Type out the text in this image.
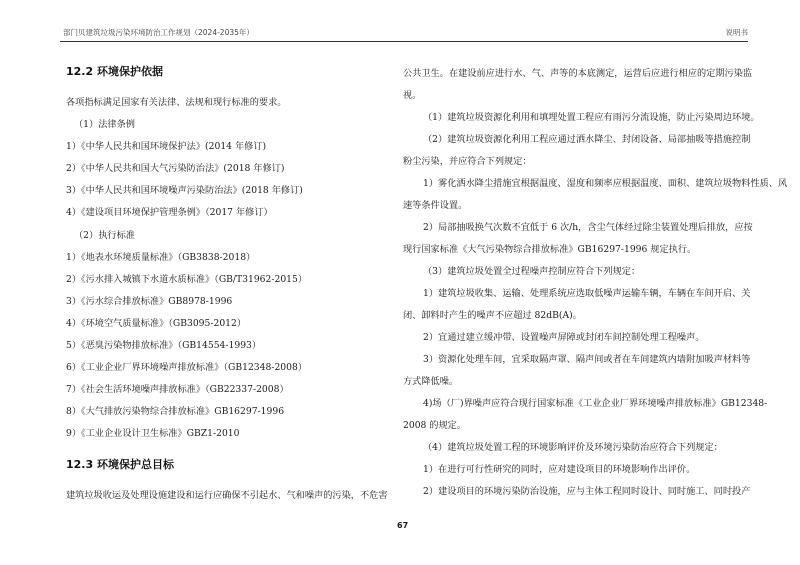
部门贝建筑垃圾污染环境防治工作规划（2024-2035年）	说明书
12.2 环境保护依据

各项指标满足国家有关法律、法规和现行标准的要求。

（1）法律条例

1）《中华人民共和国环境保护法》(2014 年修订)

2）《中华人民共和国大气污染防治法》(2018 年修订)

3）《中华人民共和国环境噪声污染防治法》(2018 年修订)

4）《建设项目环境保护管理条例》（2017 年修订）

（2）执行标准

1）《地表水环境质量标准》（GB3838-2018）

2）《污水排入城镇下水道水质标准》（GB/T31962-2015）

3）《污水综合排放标准》GB8978-1996

4）《环境空气质量标准》（GB3095-2012）

5）《恶臭污染物排放标准》（GB14554-1993）

6）《工业企业厂界环境噪声排放标准》（GB12348-2008）

7）《社会生活环境噪声排放标准》（GB22337-2008）

8）《大气排放污染物综合排放标准》GB16297-1996

9）《工业企业设计卫生标准》GBZ1-2010

12.3 环境保护总目标

建筑垃圾收运及处理设施建设和运行应确保不引起水、气和噪声的污染，不危害

公共卫生。在建设前应进行水、气、声等的本底测定，运营后应进行相应的定期污染监

视。

（1）建筑垃圾资源化利用和填埋处置工程应有雨污分流设施，防止污染周边环境。

（2）建筑垃圾资源化利用工程应通过洒水降尘、封闭设备、局部抽吸等措施控制

粉尘污染，并应符合下列规定：

1）雾化洒水降尘措施宜根据温度、湿度和频率应根据温度、面积、建筑垃圾物料性质、风

速等条件设置。

2）局部抽吸换气次数不宜低于 6 次/h，含尘气体经过除尘装置处理后排放，应按

现行国家标准《大气污染物综合排放标准》GB16297-1996 规定执行。

（3）建筑垃圾处置全过程噪声控制应符合下列规定：

1）建筑垃圾收集、运输、处理系统应选取低噪声运输车辆，车辆在车间开启、关

闭、卸料时产生的噪声不应超过 82dB(A)。

2）宜通过建立缓冲带、设置噪声屏障或封闭车间控制处理工程噪声。

3）资源化处理车间，宜采取隔声罩、隔声间或者在车间建筑内墙附加吸声材料等

方式降低噪。

4)场（厂)界噪声应符合现行国家标准《工业企业厂界环境噪声排放标准》GB12348-

2008 的规定。

（4）建筑垃圾处置工程的环境影响评价及环境污染防治应符合下列规定：

1）在进行可行性研究的同时，应对建设项目的环境影响作出评价。

2）建设项目的环境污染防治设施，应与主体工程同时设计、同时施工、同时投产

67
